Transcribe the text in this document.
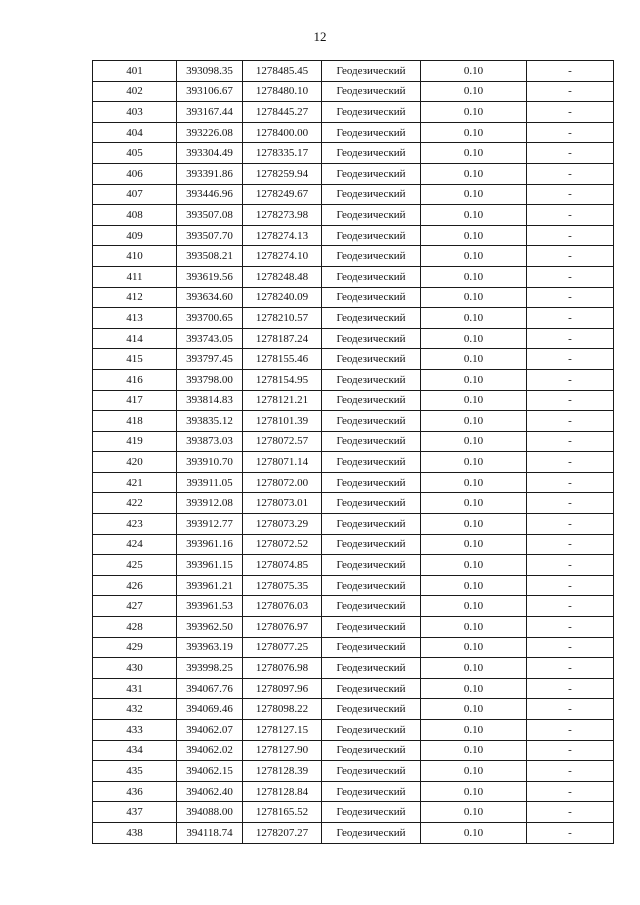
12
401	393098.35	1278485.45	Геодезический	0.10	-
402	393106.67	1278480.10	Геодезический	0.10	-
403	393167.44	1278445.27	Геодезический	0.10	-
404	393226.08	1278400.00	Геодезический	0.10	-
405	393304.49	1278335.17	Геодезический	0.10	-
406	393391.86	1278259.94	Геодезический	0.10	-
407	393446.96	1278249.67	Геодезический	0.10	-
408	393507.08	1278273.98	Геодезический	0.10	-
409	393507.70	1278274.13	Геодезический	0.10	-
410	393508.21	1278274.10	Геодезический	0.10	-
411	393619.56	1278248.48	Геодезический	0.10	-
412	393634.60	1278240.09	Геодезический	0.10	-
413	393700.65	1278210.57	Геодезический	0.10	-
414	393743.05	1278187.24	Геодезический	0.10	-
415	393797.45	1278155.46	Геодезический	0.10	-
416	393798.00	1278154.95	Геодезический	0.10	-
417	393814.83	1278121.21	Геодезический	0.10	-
418	393835.12	1278101.39	Геодезический	0.10	-
419	393873.03	1278072.57	Геодезический	0.10	-
420	393910.70	1278071.14	Геодезический	0.10	-
421	393911.05	1278072.00	Геодезический	0.10	-
422	393912.08	1278073.01	Геодезический	0.10	-
423	393912.77	1278073.29	Геодезический	0.10	-
424	393961.16	1278072.52	Геодезический	0.10	-
425	393961.15	1278074.85	Геодезический	0.10	-
426	393961.21	1278075.35	Геодезический	0.10	-
427	393961.53	1278076.03	Геодезический	0.10	-
428	393962.50	1278076.97	Геодезический	0.10	-
429	393963.19	1278077.25	Геодезический	0.10	-
430	393998.25	1278076.98	Геодезический	0.10	-
431	394067.76	1278097.96	Геодезический	0.10	-
432	394069.46	1278098.22	Геодезический	0.10	-
433	394062.07	1278127.15	Геодезический	0.10	-
434	394062.02	1278127.90	Геодезический	0.10	-
435	394062.15	1278128.39	Геодезический	0.10	-
436	394062.40	1278128.84	Геодезический	0.10	-
437	394088.00	1278165.52	Геодезический	0.10	-
438	394118.74	1278207.27	Геодезический	0.10	-
